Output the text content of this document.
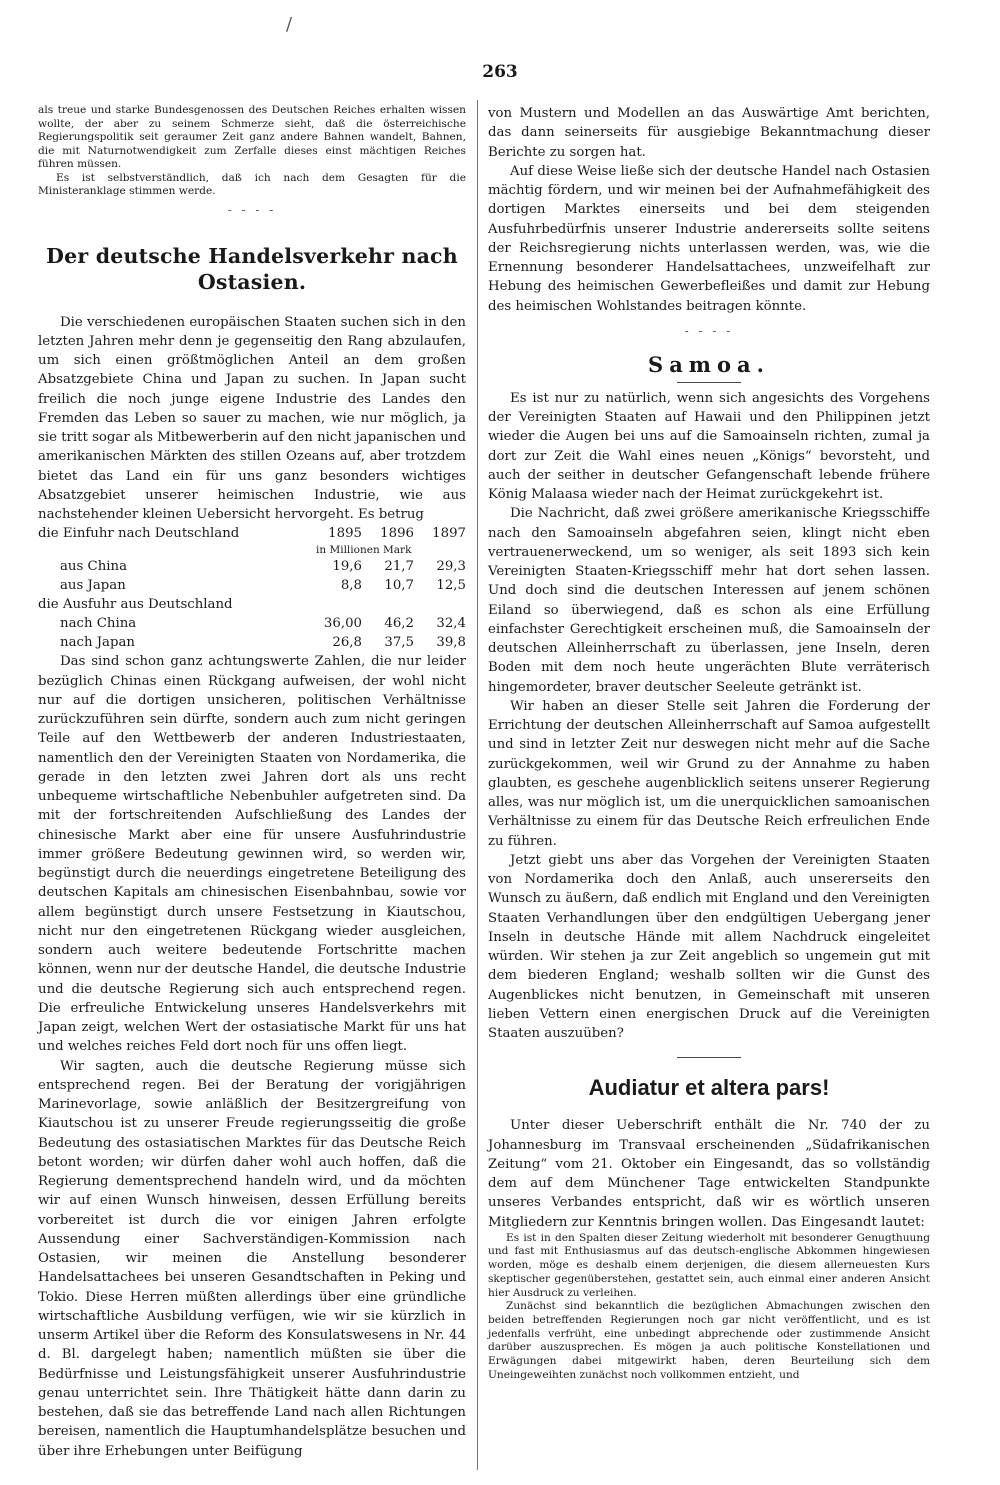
/
263

als treue und starke Bundesgenossen des Deutschen Reiches erhalten wissen wollte, der aber zu seinem Schmerze sieht, daß die österreichische Regierungspolitik seit geraumer Zeit ganz andere Bahnen wandelt, Bahnen, die mit Naturnotwendigkeit zum Zerfalle dieses einst mächtigen Reiches führen müssen.

Es ist selbstverständlich, daß ich nach dem Gesagten für die Ministeranklage stimmen werde.

- - - -
Der deutsche Handelsverkehr nach Ostasien.

Die verschiedenen europäischen Staaten suchen sich in den letzten Jahren mehr denn je gegenseitig den Rang abzulaufen, um sich einen größtmöglichen Anteil an dem großen Absatzgebiete China und Japan zu suchen. In Japan sucht freilich die noch junge eigene Industrie des Landes den Fremden das Leben so sauer zu machen, wie nur möglich, ja sie tritt sogar als Mitbewerberin auf den nicht japanischen und amerikanischen Märkten des stillen Ozeans auf, aber trotzdem bietet das Land ein für uns ganz besonders wichtiges Absatzgebiet unserer heimischen Industrie, wie aus nachstehender kleinen Uebersicht hervorgeht. Es betrug

die Einfuhr nach Deutschland	1895	1896	1897
in Millionen Mark
aus China	19,6	21,7	29,3
aus Japan	8,8	10,7	12,5
die Ausfuhr aus Deutschland
nach China	36,00	46,2	32,4
nach Japan	26,8	37,5	39,8

Das sind schon ganz achtungswerte Zahlen, die nur leider bezüglich Chinas einen Rückgang aufweisen, der wohl nicht nur auf die dortigen unsicheren, politischen Verhältnisse zurückzuführen sein dürfte, sondern auch zum nicht geringen Teile auf den Wettbewerb der anderen Industriestaaten, namentlich den der Vereinigten Staaten von Nordamerika, die gerade in den letzten zwei Jahren dort als uns recht unbequeme wirtschaftliche Nebenbuhler aufgetreten sind. Da mit der fortschreitenden Aufschließung des Landes der chinesische Markt aber eine für unsere Ausfuhrindustrie immer größere Bedeutung gewinnen wird, so werden wir, begünstigt durch die neuerdings eingetretene Beteiligung des deutschen Kapitals am chinesischen Eisenbahnbau, sowie vor allem begünstigt durch unsere Festsetzung in Kiautschou, nicht nur den eingetretenen Rückgang wieder ausgleichen, sondern auch weitere bedeutende Fortschritte machen können, wenn nur der deutsche Handel, die deutsche Industrie und die deutsche Regierung sich auch entsprechend regen. Die erfreuliche Entwickelung unseres Handelsverkehrs mit Japan zeigt, welchen Wert der ostasiatische Markt für uns hat und welches reiches Feld dort noch für uns offen liegt.

Wir sagten, auch die deutsche Regierung müsse sich entsprechend regen. Bei der Beratung der vorigjährigen Marinevorlage, sowie anläßlich der Besitzergreifung von Kiautschou ist zu unserer Freude regierungsseitig die große Bedeutung des ostasiatischen Marktes für das Deutsche Reich betont worden; wir dürfen daher wohl auch hoffen, daß die Regierung dementsprechend handeln wird, und da möchten wir auf einen Wunsch hinweisen, dessen Erfüllung bereits vorbereitet ist durch die vor einigen Jahren erfolgte Aussendung einer Sachverständigen-Kommission nach Ostasien, wir meinen die Anstellung besonderer Handelsattachees bei unseren Gesandtschaften in Peking und Tokio. Diese Herren müßten allerdings über eine gründliche wirtschaftliche Ausbildung verfügen, wie wir sie kürzlich in unserm Artikel über die Reform des Konsulatswesens in Nr. 44 d. Bl. dargelegt haben; namentlich müßten sie über die Bedürfnisse und Leistungsfähigkeit unserer Ausfuhrindustrie genau unterrichtet sein. Ihre Thätigkeit hätte dann darin zu bestehen, daß sie das betreffende Land nach allen Richtungen bereisen, namentlich die Hauptumhandelsplätze besuchen und über ihre Erhebungen unter Beifügung

von Mustern und Modellen an das Auswärtige Amt berichten, das dann seinerseits für ausgiebige Bekanntmachung dieser Berichte zu sorgen hat.

Auf diese Weise ließe sich der deutsche Handel nach Ostasien mächtig fördern, und wir meinen bei der Aufnahmefähigkeit des dortigen Marktes einerseits und bei dem steigenden Ausfuhrbedürfnis unserer Industrie andererseits sollte seitens der Reichsregierung nichts unterlassen werden, was, wie die Ernennung besonderer Handelsattachees, unzweifelhaft zur Hebung des heimischen Gewerbefleißes und damit zur Hebung des heimischen Wohlstandes beitragen könnte.

- - - -
Samoa.

Es ist nur zu natürlich, wenn sich angesichts des Vorgehens der Vereinigten Staaten auf Hawaii und den Philippinen jetzt wieder die Augen bei uns auf die Samoainseln richten, zumal ja dort zur Zeit die Wahl eines neuen „Königs“ bevorsteht, und auch der seither in deutscher Gefangenschaft lebende frühere König Malaasa wieder nach der Heimat zurückgekehrt ist.

Die Nachricht, daß zwei größere amerikanische Kriegsschiffe nach den Samoainseln abgefahren seien, klingt nicht eben vertrauenerweckend, um so weniger, als seit 1893 sich kein Vereinigten Staaten-Kriegsschiff mehr hat dort sehen lassen. Und doch sind die deutschen Interessen auf jenem schönen Eiland so überwiegend, daß es schon als eine Erfüllung einfachster Gerechtigkeit erscheinen muß, die Samoainseln der deutschen Alleinherrschaft zu überlassen, jene Inseln, deren Boden mit dem noch heute ungerächten Blute verräterisch hingemordeter, braver deutscher Seeleute getränkt ist.

Wir haben an dieser Stelle seit Jahren die Forderung der Errichtung der deutschen Alleinherrschaft auf Samoa aufgestellt und sind in letzter Zeit nur deswegen nicht mehr auf die Sache zurückgekommen, weil wir Grund zu der Annahme zu haben glaubten, es geschehe augenblicklich seitens unserer Regierung alles, was nur möglich ist, um die unerquicklichen samoanischen Verhältnisse zu einem für das Deutsche Reich erfreulichen Ende zu führen.

Jetzt giebt uns aber das Vorgehen der Vereinigten Staaten von Nordamerika doch den Anlaß, auch unsererseits den Wunsch zu äußern, daß endlich mit England und den Vereinigten Staaten Verhandlungen über den endgültigen Uebergang jener Inseln in deutsche Hände mit allem Nachdruck eingeleitet würden. Wir stehen ja zur Zeit angeblich so ungemein gut mit dem biederen England; weshalb sollten wir die Gunst des Augenblickes nicht benutzen, in Gemeinschaft mit unseren lieben Vettern einen energischen Druck auf die Vereinigten Staaten auszuüben?

Audiatur et altera pars!

Unter dieser Ueberschrift enthält die Nr. 740 der zu Johannesburg im Transvaal erscheinenden „Südafrikanischen Zeitung“ vom 21. Oktober ein Eingesandt, das so vollständig dem auf dem Münchener Tage entwickelten Standpunkte unseres Verbandes entspricht, daß wir es wörtlich unseren Mitgliedern zur Kenntnis bringen wollen. Das Eingesandt lautet:

Es ist in den Spalten dieser Zeitung wiederholt mit besonderer Genugthuung und fast mit Enthusiasmus auf das deutsch-englische Abkommen hingewiesen worden, möge es deshalb einem derjenigen, die diesem allerneuesten Kurs skeptischer gegenüberstehen, gestattet sein, auch einmal einer anderen Ansicht hier Ausdruck zu verleihen.

Zunächst sind bekanntlich die bezüglichen Abmachungen zwischen den beiden betreffenden Regierungen noch gar nicht veröffentlicht, und es ist jedenfalls verfrüht, eine unbedingt abprechende oder zustimmende Ansicht darüber auszusprechen. Es mögen ja auch politische Konstellationen und Erwägungen dabei mitgewirkt haben, deren Beurteilung sich dem Uneingeweihten zunächst noch vollkommen entzieht, und
